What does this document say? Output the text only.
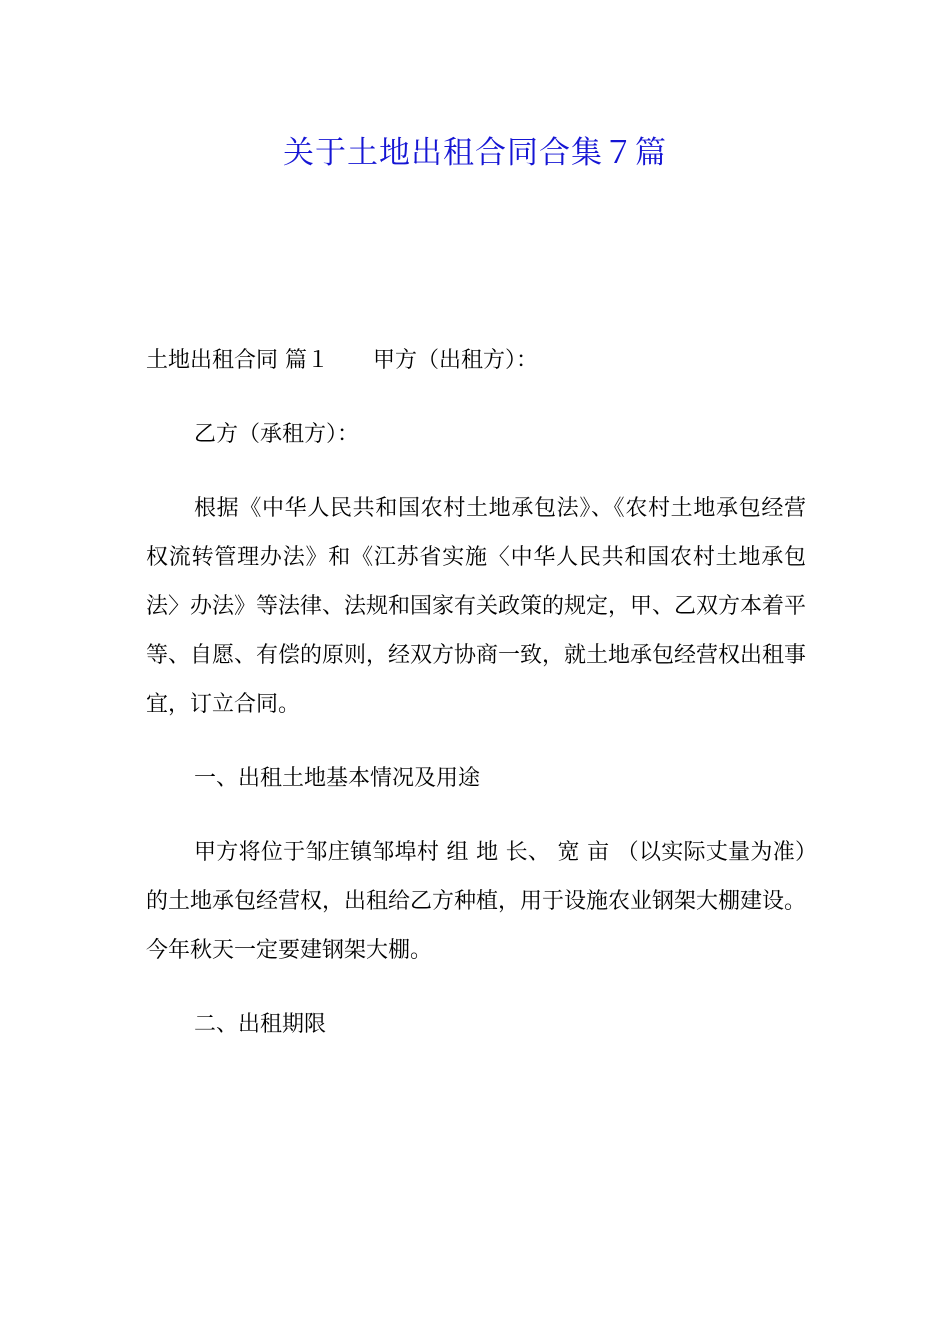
关于土地出租合同合集７篇

土地出租合同 篇１ 甲方（出租方）：

乙方（承租方）：

根据《中华人民共和国农村土地承包法》、《农村土地承包经营权流转管理办法》和《江苏省实施〈中华人民共和国农村土地承包法〉办法》等法律、法规和国家有关政策的规定，甲、乙双方本着平等、自愿、有偿的原则，经双方协商一致，就土地承包经营权出租事宜，订立合同。

一、出租土地基本情况及用途

甲方将位于邹庄镇邹埠村 组 地 长、 宽 亩 （以实际丈量为准）的土地承包经营权，出租给乙方种植，用于设施农业钢架大棚建设。今年秋天一定要建钢架大棚。

二、出租期限
